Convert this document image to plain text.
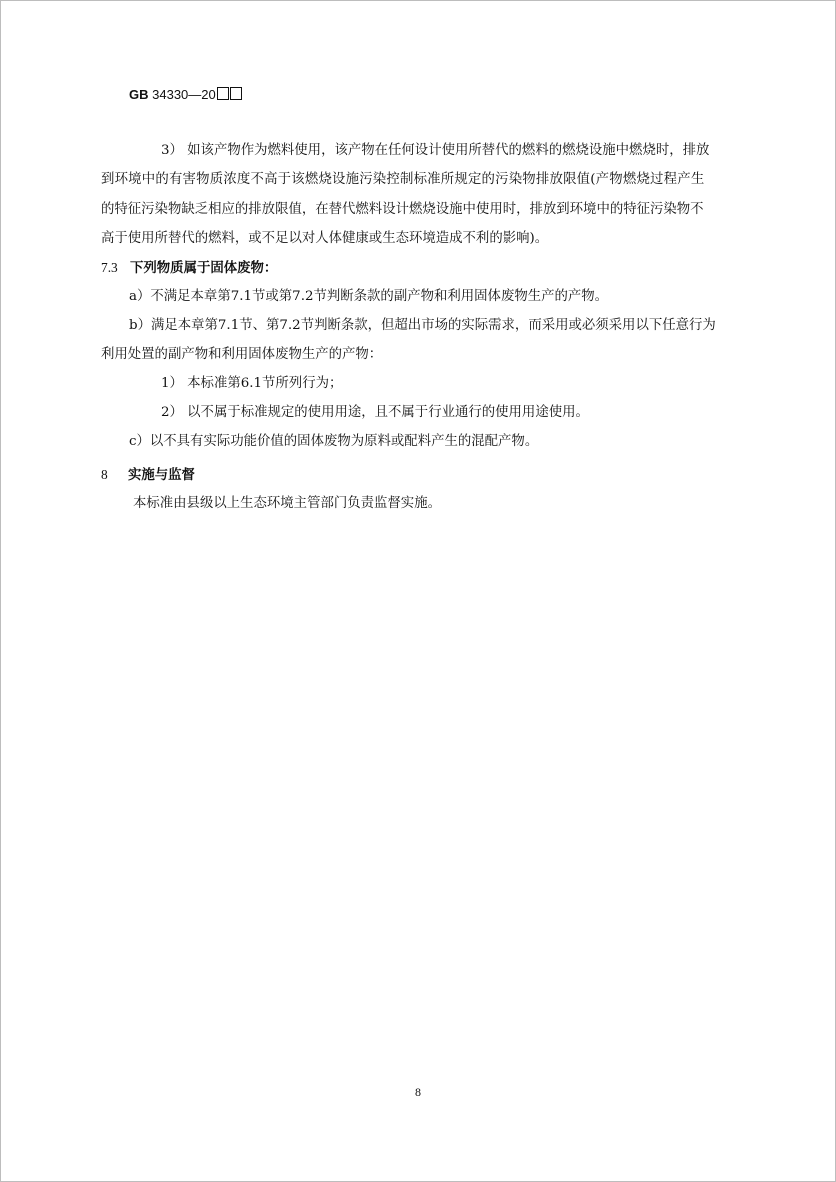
GB 34330—20
3） 如该产物作为燃料使用，该产物在任何设计使用所替代的燃料的燃烧设施中燃烧时，排放
到环境中的有害物质浓度不高于该燃烧设施污染控制标准所规定的污染物排放限值(产物燃烧过程产生
的特征污染物缺乏相应的排放限值，在替代燃料设计燃烧设施中使用时，排放到环境中的特征污染物不
高于使用所替代的燃料，或不足以对人体健康或生态环境造成不利的影响)。
7.3 下列物质属于固体废物：
a）不满足本章第7.1节或第7.2节判断条款的副产物和利用固体废物生产的产物。
b）满足本章第7.1节、第7.2节判断条款，但超出市场的实际需求，而采用或必须采用以下任意行为
利用处置的副产物和利用固体废物生产的产物：
1） 本标准第6.1节所列行为；
2） 以不属于标准规定的使用用途，且不属于行业通行的使用用途使用。
c）以不具有实际功能价值的固体废物为原料或配料产生的混配产物。
8 实施与监督
本标准由县级以上生态环境主管部门负责监督实施。
8
